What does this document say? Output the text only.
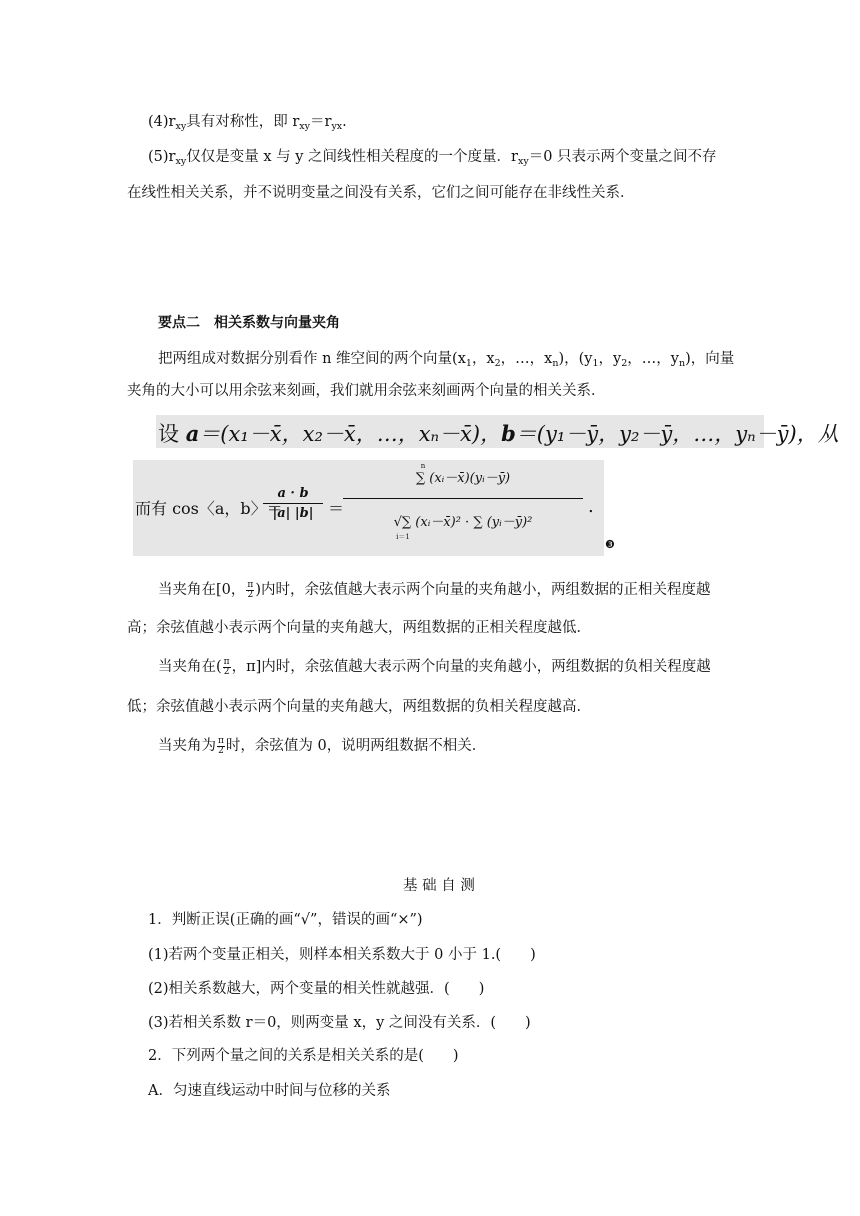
$(4)r_{xy}$具有对称性，即 $r_{xy}=r_{yx}$.
$(5)r_{xy}$仅仅是变量 x 与 y 之间线性相关程度的一个度量．$r_{xy}=0$ 只表示两个变量之间不存
在线性相关关系，并不说明变量之间没有关系，它们之间可能存在非线性关系．
要点二　相关系数与向量夹角
把两组成对数据分别看作 n 维空间的两个向量($x_1$，$x_2$，…，$x_n$)，($y_1$，$y_2$，…，$y_n$)，向量
夹角的大小可以用余弦来刻画，我们就用余弦来刻画两个向量的相关关系．
设 a＝(x₁－x̄，x₂－x̄，…，xₙ－x̄)，b＝(y₁－ȳ，y₂－ȳ，…，yₙ－ȳ)，从
而有 cos〈a，b〉＝
a · b
|a| |b| ＝
n
∑ (xᵢ－x̄)(yᵢ－ȳ)
√∑ (xᵢ－x̄)² · ∑ (yᵢ－ȳ)²
i＝1
.
❸
当夹角在[0， $\frac{\pi}{2}$ )内时，余弦值越大表示两个向量的夹角越小，两组数据的正相关程度越
高；余弦值越小表示两个向量的夹角越大，两组数据的正相关程度越低．
当夹角在( $\frac{\pi}{2}$ ，π]内时，余弦值越大表示两个向量的夹角越小，两组数据的负相关程度越
低；余弦值越小表示两个向量的夹角越大，两组数据的负相关程度越高．
当夹角为 $\frac{\pi}{2}$ 时，余弦值为 0，说明两组数据不相关．
基 础 自 测
1．判断正误(正确的画“√”，错误的画“×”)
(1)若两个变量正相关，则样本相关系数大于 0 小于 1.(　　)
(2)相关系数越大，两个变量的相关性就越强．(　　)
(3)若相关系数 r＝0，则两变量 x，y 之间没有关系．(　　)
2．下列两个量之间的关系是相关关系的是(　　)
A．匀速直线运动中时间与位移的关系
